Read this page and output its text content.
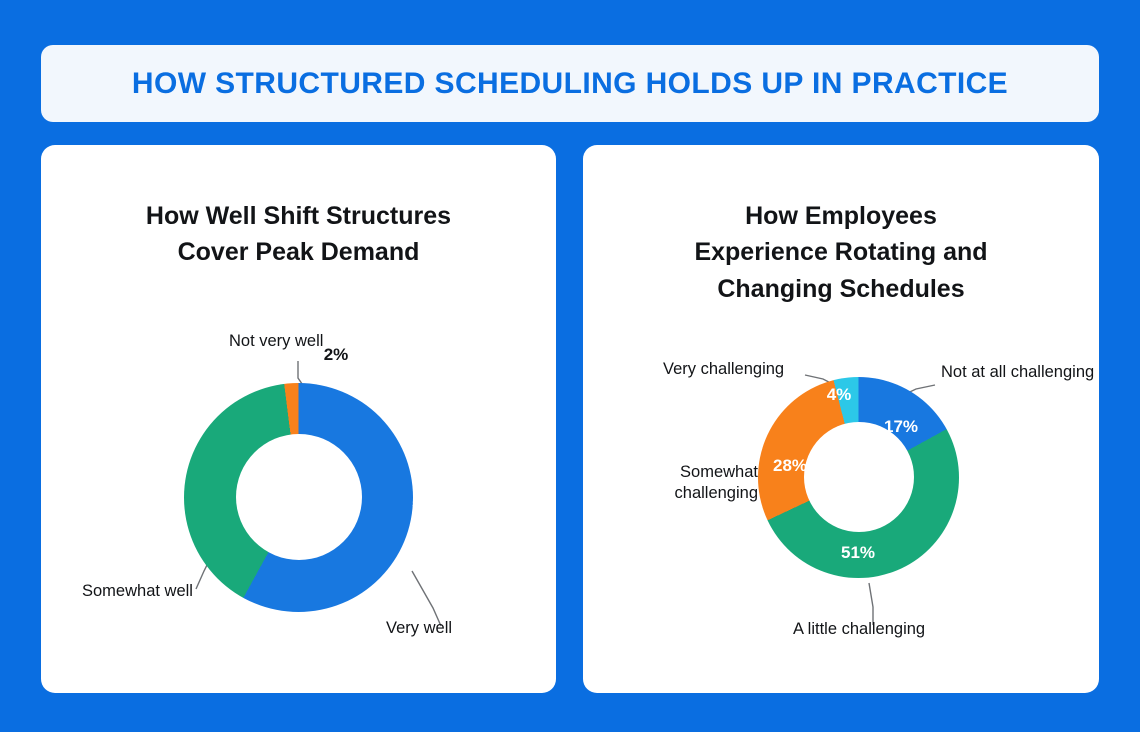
HOW STRUCTURED SCHEDULING HOLDS UP IN PRACTICE
How Well Shift Structures
Cover Peak Demand
58%
40%
2%
Not very well
Somewhat well
Very well
How Employees
Experience Rotating and
Changing Schedules
17%
51%
28%
4%
Very challenging	Not at all challenging
Somewhat challenging
A little challenging
